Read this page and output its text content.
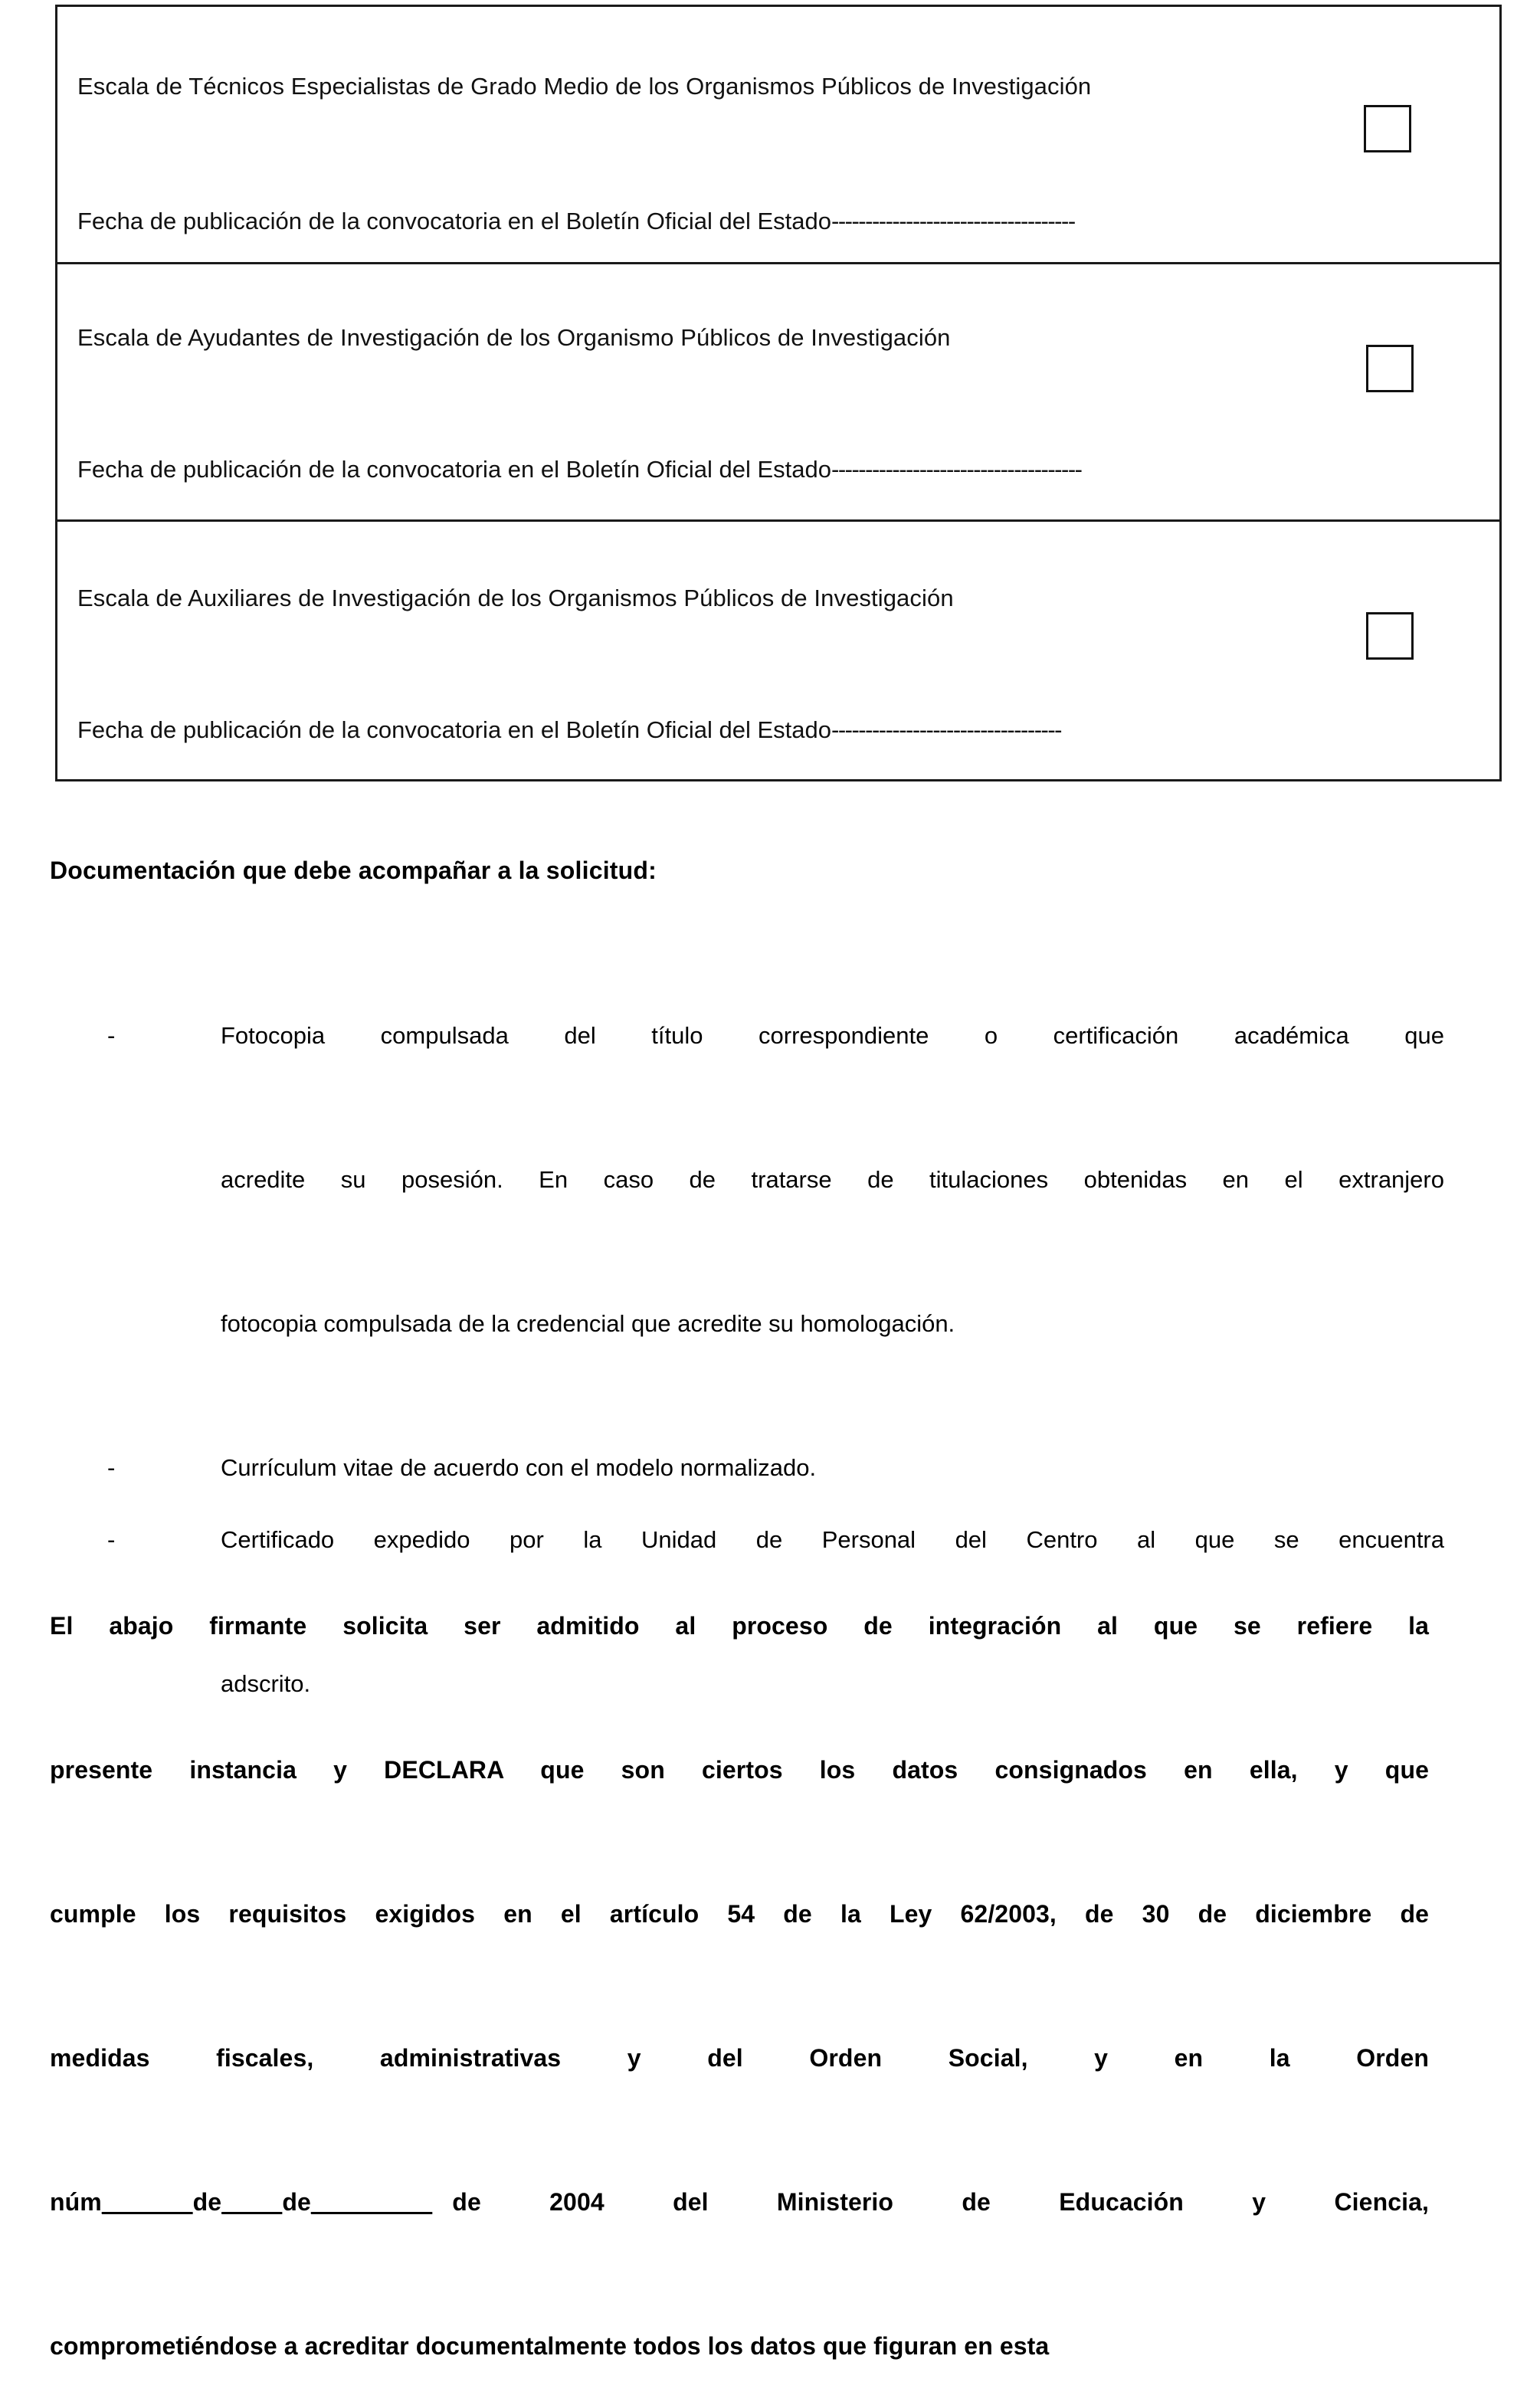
Escala de Técnicos Especialistas de Grado Medio de los Organismos Públicos de Investigación
Fecha de publicación de la convocatoria en el Boletín Oficial del Estado------------------------------------
Escala de Ayudantes de Investigación de los Organismo Públicos de Investigación
Fecha de publicación de la convocatoria en el Boletín Oficial del Estado-------------------------------------
Escala de Auxiliares de Investigación de los Organismos Públicos de Investigación
Fecha de publicación de la convocatoria en el Boletín Oficial del Estado----------------------------------
Documentación que debe acompañar a la solicitud:
-	Fotocopia compulsada del título correspondiente o certificación académica que
acredite su posesión. En caso de tratarse de titulaciones obtenidas en el extranjero
fotocopia compulsada de la credencial que acredite su homologación.
-	Currículum vitae de acuerdo con el modelo normalizado.
-	Certificado expedido por la Unidad de Personal del Centro al que se encuentra
adscrito.
El abajo firmante solicita ser admitido al proceso de integración al que se refiere la
presente instancia y DECLARA que son ciertos los datos consignados en ella, y que
cumple los requisitos exigidos en el artículo 54 de la Ley 62/2003, de 30 de diciembre de
medidas fiscales, administrativas y del Orden Social, y en la Orden
núm______de____de________ de 2004 del Ministerio de Educación y Ciencia,
comprometiéndose a acreditar documentalmente todos los datos que figuran en esta
